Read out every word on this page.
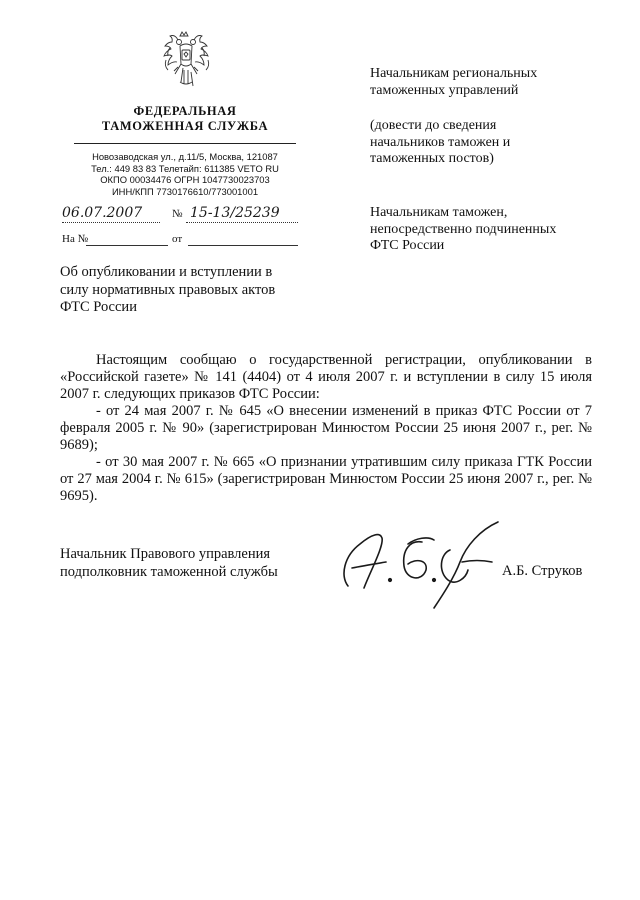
ФЕДЕРАЛЬНАЯ
ТАМОЖЕННАЯ СЛУЖБА
Новозаводская ул., д.11/5, Москва, 121087
Тел.: 449 83 83 Телетайп: 611385 VETO RU
ОКПО 00034476 ОГРН 1047730023703
ИНН/КПП 7730176610/773001001
06.07.2007	№ 15-13/25239
На №	от
Об опубликовании и вступлении в
силу нормативных правовых актов
ФТС России
Начальникам региональных
таможенных управлений
(довести до сведения
начальников таможен и
таможенных постов)
Начальникам таможен,
непосредственно подчиненных
ФТС России

Настоящим сообщаю о государственной регистрации, опубликовании в «Российской газете» № 141 (4404) от 4 июля 2007 г. и вступлении в силу 15 июля 2007 г. следующих приказов ФТС России:

- от 24 мая 2007 г. № 645 «О внесении изменений в приказ ФТС России от 7 февраля 2005 г. № 90» (зарегистрирован Минюстом России 25 июня 2007 г., рег. № 9689);

- от 30 мая 2007 г. № 665 «О признании утратившим силу приказа ГТК России от 27 мая 2004 г. № 615» (зарегистрирован Минюстом России 25 июня 2007 г., рег. № 9695).

Начальник Правового управления
подполковник таможенной службы	А.Б. Струков
